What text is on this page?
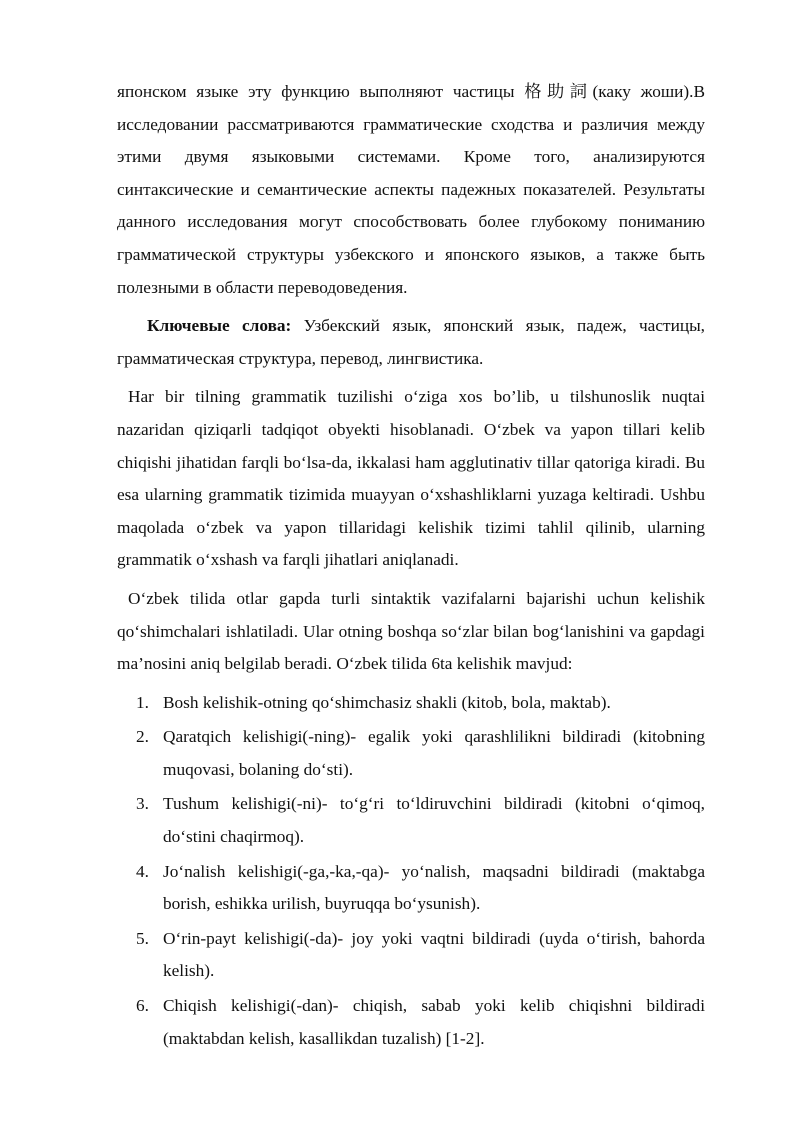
японском языке эту функцию выполняют частицы 格助詞(каку жоши).В исследовании рассматриваются грамматические сходства и различия между этими двумя языковыми системами. Кроме того, анализируются синтаксические и семантические аспекты падежных показателей. Результаты данного исследования могут способствовать более глубокому пониманию грамматической структуры узбекского и японского языков, а также быть полезными в области переводоведения.

Ключевые слова: Узбекский язык, японский язык, падеж, частицы, грамматическая структура, перевод, лингвистика.

Har bir tilning grammatik tuzilishi o‘ziga xos bo’lib, u tilshunoslik nuqtai nazaridan qiziqarli tadqiqot obyekti hisoblanadi. O‘zbek va yapon tillari kelib chiqishi jihatidan farqli bo‘lsa-da, ikkalasi ham agglutinativ tillar qatoriga kiradi. Bu esa ularning grammatik tizimida muayyan o‘xshashliklarni yuzaga keltiradi. Ushbu maqolada o‘zbek va yapon tillaridagi kelishik tizimi tahlil qilinib, ularning grammatik o‘xshash va farqli jihatlari aniqlanadi.

O‘zbek tilida otlar gapda turli sintaktik vazifalarni bajarishi uchun kelishik qo‘shimchalari ishlatiladi. Ular otning boshqa so‘zlar bilan bog‘lanishini va gapdagi ma’nosini aniq belgilab beradi. O‘zbek tilida 6ta kelishik mavjud:

1. Bosh kelishik-otning qo‘shimchasiz shakli (kitob, bola, maktab).
2. Qaratqich kelishigi(-ning)- egalik yoki qarashlilikni bildiradi (kitobning muqovasi, bolaning do‘sti).
3. Tushum kelishigi(-ni)- to‘g‘ri to‘ldiruvchini bildiradi (kitobni o‘qimoq, do‘stini chaqirmoq).
4. Jo‘nalish kelishigi(-ga,-ka,-qa)- yo‘nalish, maqsadni bildiradi (maktabga borish, eshikka urilish, buyruqqa bo‘ysunish).
5. O‘rin-payt kelishigi(-da)- joy yoki vaqtni bildiradi (uyda o‘tirish, bahorda kelish).
6. Chiqish kelishigi(-dan)- chiqish, sabab yoki kelib chiqishni bildiradi (maktabdan kelish, kasallikdan tuzalish) [1-2].
